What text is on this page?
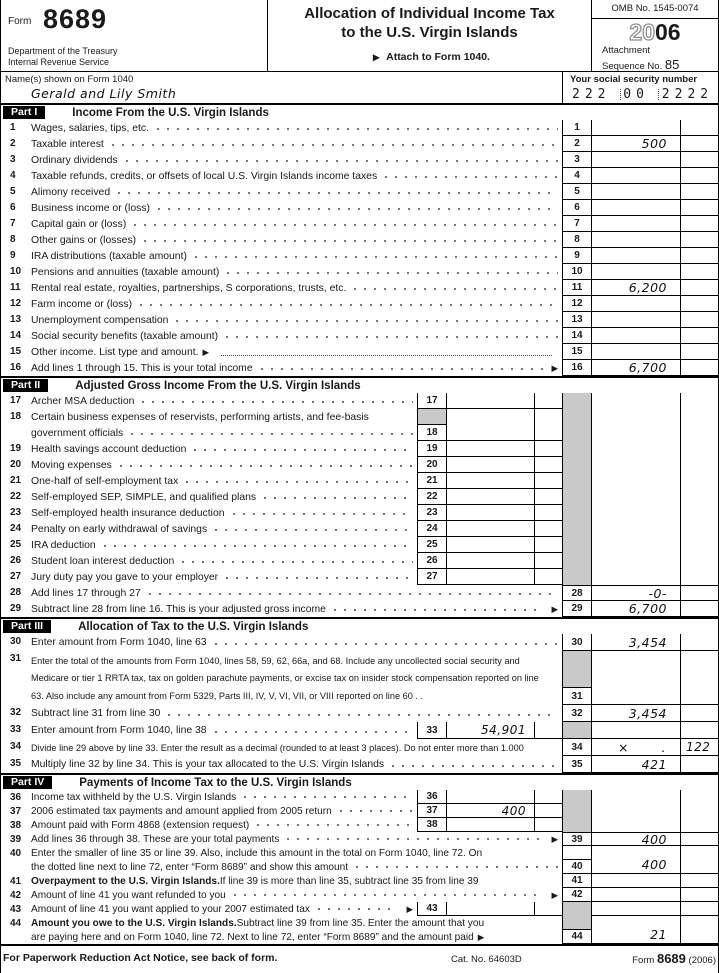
Form 8689
Department of the Treasury
Internal Revenue Service
Allocation of Individual Income Tax
to the U.S. Virgin Islands
▶ Attach to Form 1040.
OMB No. 1545-0074
2006
Attachment
Sequence No. 85
Name(s) shown on Form 1040
Gerald and Lily Smith
Your social security number
222 00 2222
Part I	Income From the U.S. Virgin Islands
1	Wages, salaries, tips, etc.	1
2	Taxable interest	2	500
3	Ordinary dividends	3
4	Taxable refunds, credits, or offsets of local U.S. Virgin Islands income taxes	4
5	Alimony received	5
6	Business income or (loss)	6
7	Capital gain or (loss)	7
8	Other gains or (losses)	8
9	IRA distributions (taxable amount)	9
10 Pensions and annuities (taxable amount)	10
11	Rental real estate, royalties, partnerships, S corporations, trusts, etc.	11	6,200
12 Farm income or (loss)	12
13 Unemployment compensation	13
14 Social security benefits (taxable amount)	14
15 Other income. List type and amount. ▶	15
16 Add lines 1 through 15. This is your total income	▶	16	6,700
Part II	Adjusted Gross Income From the U.S. Virgin Islands
17 Archer MSA deduction	17
18 Certain business expenses of reservists, performing artists, and fee-basis
government officials	18
19 Health savings account deduction	19
20 Moving expenses	20
21 One-half of self-employment tax	21
22 Self-employed SEP, SIMPLE, and qualified plans	22
23 Self-employed health insurance deduction	23
24 Penalty on early withdrawal of savings	24
25 IRA deduction	25
26 Student loan interest deduction	26
27 Jury duty pay you gave to your employer	27
28 Add lines 17 through 27	28	-0-
29 Subtract line 28 from line 16. This is your adjusted gross income	▶	29	6,700
Part III	Allocation of Tax to the U.S. Virgin Islands
30 Enter amount from Form 1040, line 63	30	3,454
31	Enter the total of the amounts from Form 1040, lines 58, 59, 62, 66a, and 68. Include any uncollected social security and Medicare or tier 1 RRTA tax, tax on golden parachute payments, or excise tax on insider stock compensation reported on line 63. Also include any amount from Form 5329, Parts III, IV, V, VI, VII, or VIII reported on line 60 . .	31
32 Subtract line 31 from line 30	32	3,454
33 Enter amount from Form 1040, line 38	33	54,901
34	Divide line 29 above by line 33. Enter the result as a decimal (rounded to at least 3 places). Do not enter more than 1.000	34	×	.	122
35 Multiply line 32 by line 34. This is your tax allocated to the U.S. Virgin Islands	35	421
Part IV	Payments of Income Tax to the U.S. Virgin Islands
36 Income tax withheld by the U.S. Virgin Islands	36
37 2006 estimated tax payments and amount applied from 2005 return	37	400
38 Amount paid with Form 4868 (extension request)	38
39 Add lines 36 through 38. These are your total payments	▶	39	400
40 Enter the smaller of line 35 or line 39. Also, include this amount in the total on Form 1040, line 72. On
the dotted line next to line 72, enter “Form 8689” and show this amount	40	400
41 Overpayment to the U.S. Virgin Islands. If line 39 is more than line 35, subtract line 35 from line 39	41
42 Amount of line 41 you want refunded to you	▶	42
43 Amount of line 41 you want applied to your 2007 estimated tax	▶	43
44 Amount you owe to the U.S. Virgin Islands. Subtract line 39 from line 35. Enter the amount that you
are paying here and on Form 1040, line 72. Next to line 72, enter “Form 8689” and the amount paid ▶	44	21
For Paperwork Reduction Act Notice, see back of form.	Cat. No. 64603D	Form 8689 (2006)
